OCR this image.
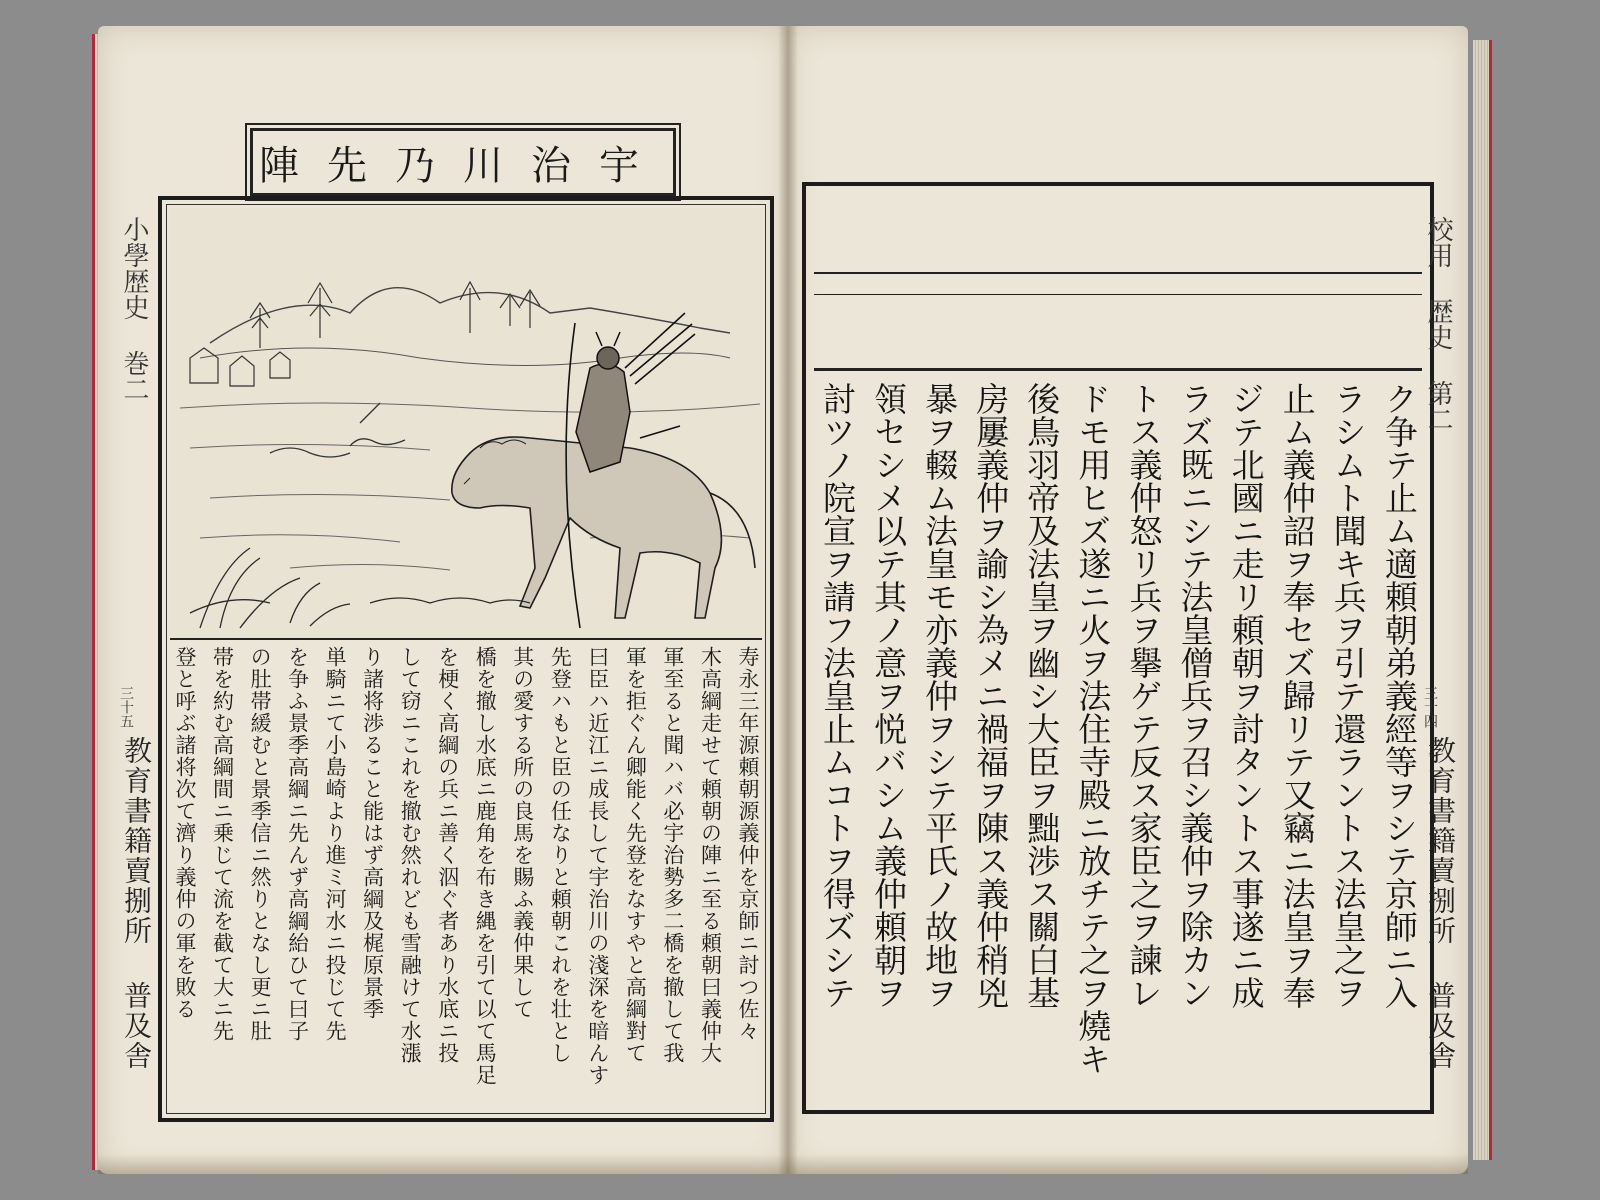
小學歴史 巻二
三十五
教育書籍賣捌所 普及舎
宇治川乃先陣
寿永三年源頼朝源義仲を京師ニ討つ佐々
木高綱走せて頼朝の陣ニ至る頼朝曰義仲大
軍至ると聞ハバ必宇治勢多二橋を撤して我
軍を拒ぐん卿能く先登をなすやと高綱對て
曰臣ハ近江ニ成長して宇治川の淺深を暗んす
先登ハもと臣の任なりと頼朝これを壮とし
其の愛する所の良馬を賜ふ義仲果して
橋を撤し水底ニ鹿角を布き縄を引て以て馬足
を梗く高綱の兵ニ善く泅ぐ者あり水底ニ投
して窃ニこれを撤む然れども雪融けて水漲
り諸将渉ること能はず高綱及梶原景季
単騎ニて小島崎より進ミ河水ニ投じて先
を争ふ景季高綱ニ先んず高綱紿ひて曰子
の肚帯緩むと景季信ニ然りとなし更ニ肚
帯を約む高綱間ニ乗じて流を截て大ニ先
登と呼ぶ諸将次て濟り義仲の軍を敗る	ク争テ止ム適頼朝弟義經等ヲシテ京師ニ入
ラシムト聞キ兵ヲ引テ還ラントス法皇之ヲ
止ム義仲詔ヲ奉セズ歸リテ又竊ニ法皇ヲ奉
ジテ北國ニ走リ頼朝ヲ討タントス事遂ニ成
ラズ既ニシテ法皇僧兵ヲ召シ義仲ヲ除カン
トス義仲怒リ兵ヲ擧ゲテ反ス家臣之ヲ諫レ
ドモ用ヒズ遂ニ火ヲ法住寺殿ニ放チテ之ヲ燒キ
後鳥羽帝及法皇ヲ幽シ大臣ヲ黜渉ス關白基
房屢義仲ヲ諭シ為メニ禍福ヲ陳ス義仲稍兇
暴ヲ輟ム法皇モ亦義仲ヲシテ平氏ノ故地ヲ
領セシメ以テ其ノ意ヲ悦バシム義仲頼朝ヲ
討ツノ院宣ヲ請フ法皇止ムコトヲ得ズシテ
校用 歴史 第二
三十四
教育書籍賣捌所 普及舎
